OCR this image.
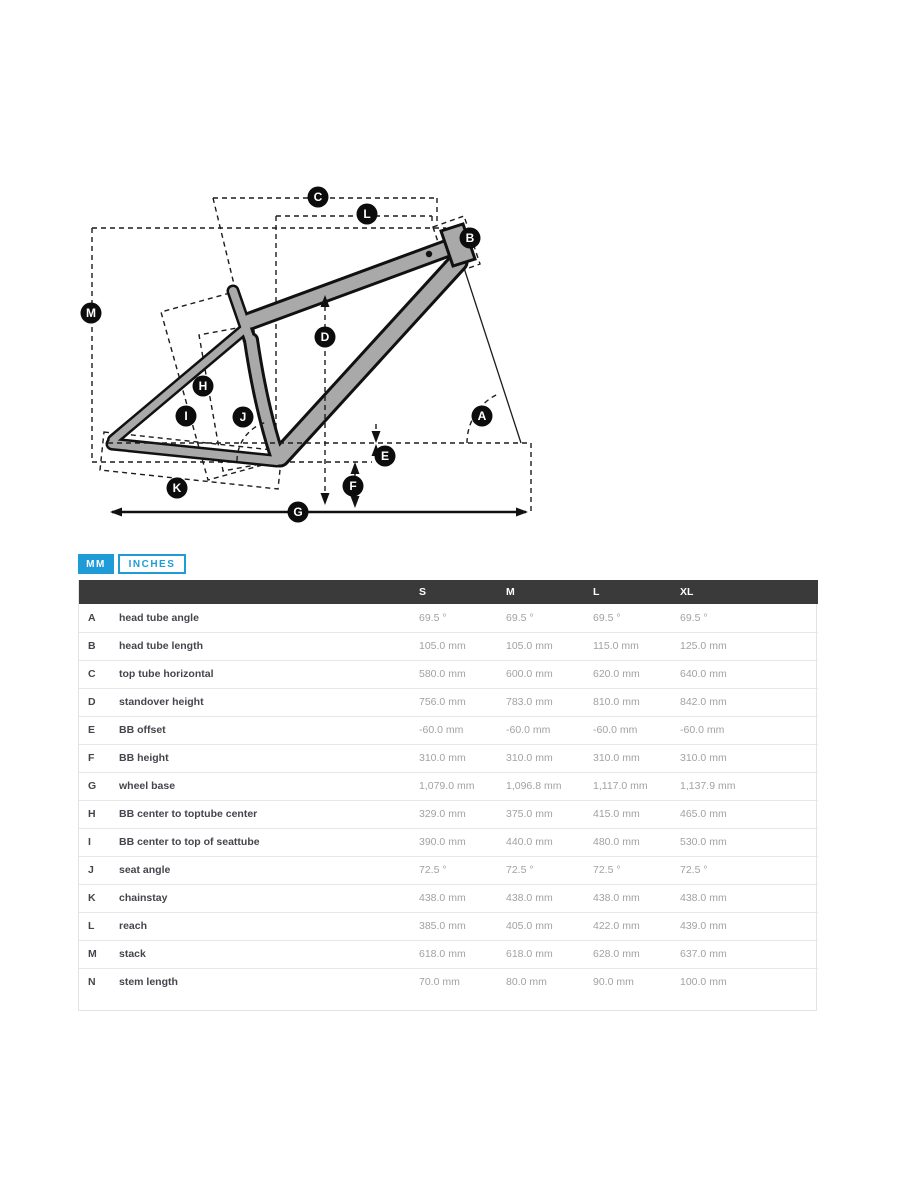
A
B
C
D
E
F
G
H
I	J
K
L
M
MM	INCHES
		S	M	L	XL
A	head tube angle	69.5 °	69.5 °	69.5 °	69.5 °
B	head tube length	105.0 mm	105.0 mm	115.0 mm	125.0 mm
C	top tube horizontal	580.0 mm	600.0 mm	620.0 mm	640.0 mm
D	standover height	756.0 mm	783.0 mm	810.0 mm	842.0 mm
E	BB offset	-60.0 mm	-60.0 mm	-60.0 mm	-60.0 mm
F	BB height	310.0 mm	310.0 mm	310.0 mm	310.0 mm
G	wheel base	1,079.0 mm	1,096.8 mm	1,117.0 mm	1,137.9 mm
H	BB center to toptube center	329.0 mm	375.0 mm	415.0 mm	465.0 mm
I	BB center to top of seattube	390.0 mm	440.0 mm	480.0 mm	530.0 mm
J	seat angle	72.5 °	72.5 °	72.5 °	72.5 °
K	chainstay	438.0 mm	438.0 mm	438.0 mm	438.0 mm
L	reach	385.0 mm	405.0 mm	422.0 mm	439.0 mm
M	stack	618.0 mm	618.0 mm	628.0 mm	637.0 mm
N	stem length	70.0 mm	80.0 mm	90.0 mm	100.0 mm
